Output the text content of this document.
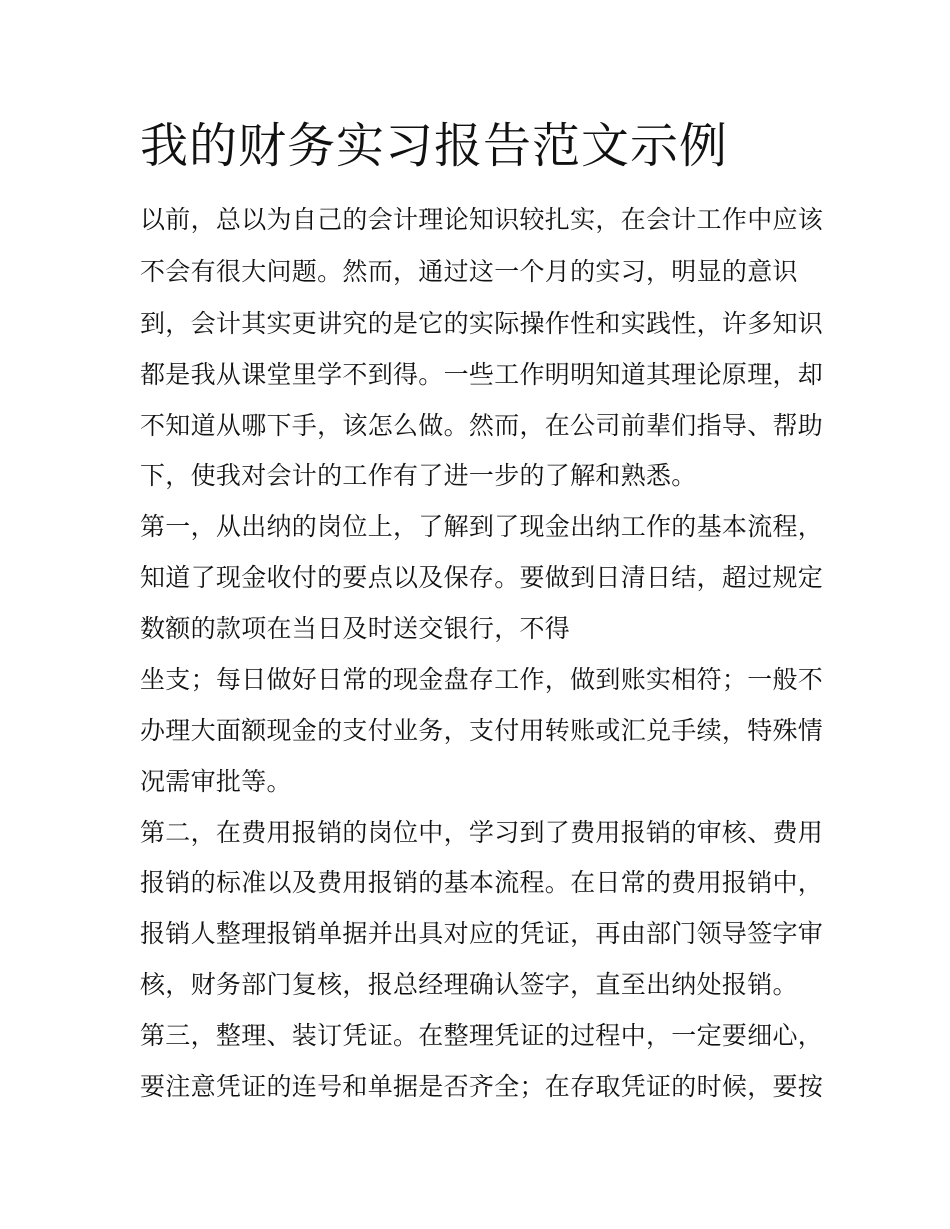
我的财务实习报告范文示例

以前，总以为自己的会计理论知识较扎实，在会计工作中应该

不会有很大问题。然而，通过这一个月的实习，明显的意识

到，会计其实更讲究的是它的实际操作性和实践性，许多知识

都是我从课堂里学不到得。一些工作明明知道其理论原理，却

不知道从哪下手，该怎么做。然而，在公司前辈们指导、帮助

下，使我对会计的工作有了进一步的了解和熟悉。

第一，从出纳的岗位上，了解到了现金出纳工作的基本流程，

知道了现金收付的要点以及保存。要做到日清日结，超过规定

数额的款项在当日及时送交银行，不得

坐支；每日做好日常的现金盘存工作，做到账实相符；一般不

办理大面额现金的支付业务，支付用转账或汇兑手续，特殊情

况需审批等。

第二，在费用报销的岗位中，学习到了费用报销的审核、费用

报销的标准以及费用报销的基本流程。在日常的费用报销中，

报销人整理报销单据并出具对应的凭证，再由部门领导签字审

核，财务部门复核，报总经理确认签字，直至出纳处报销。

第三，整理、装订凭证。在整理凭证的过程中，一定要细心，

要注意凭证的连号和单据是否齐全；在存取凭证的时候，要按
